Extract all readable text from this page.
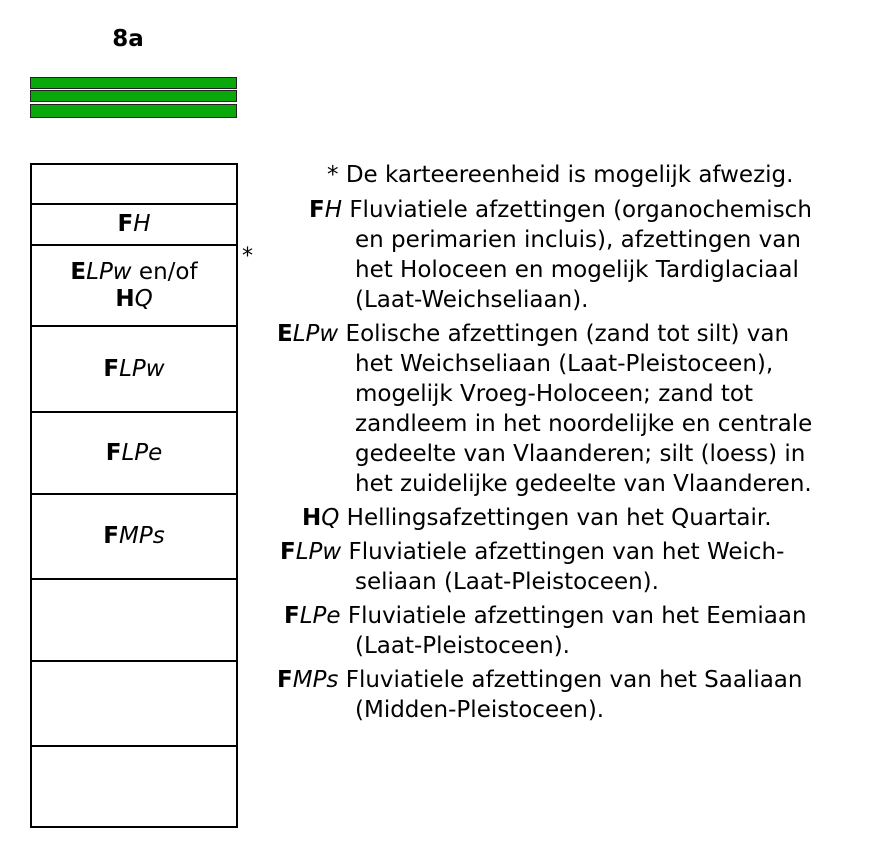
8a
FH
ELPw en/of
HQ
FLPw
FLPe
FMPs
*
* De karteereenheid is mogelijk afwezig.
FH Fluviatiele afzettingen (organochemisch
en perimarien incluis), afzettingen van
het Holoceen en mogelijk Tardiglaciaal
(Laat-Weichseliaan).
ELPw Eolische afzettingen (zand tot silt) van
het Weichseliaan (Laat-Pleistoceen),
mogelijk Vroeg-Holoceen; zand tot
zandleem in het noordelijke en centrale
gedeelte van Vlaanderen; silt (loess) in
het zuidelijke gedeelte van Vlaanderen.
HQ Hellingsafzettingen van het Quartair.
FLPw Fluviatiele afzettingen van het Weich-
seliaan (Laat-Pleistoceen).
FLPe Fluviatiele afzettingen van het Eemiaan
(Laat-Pleistoceen).
FMPs Fluviatiele afzettingen van het Saaliaan
(Midden-Pleistoceen).
